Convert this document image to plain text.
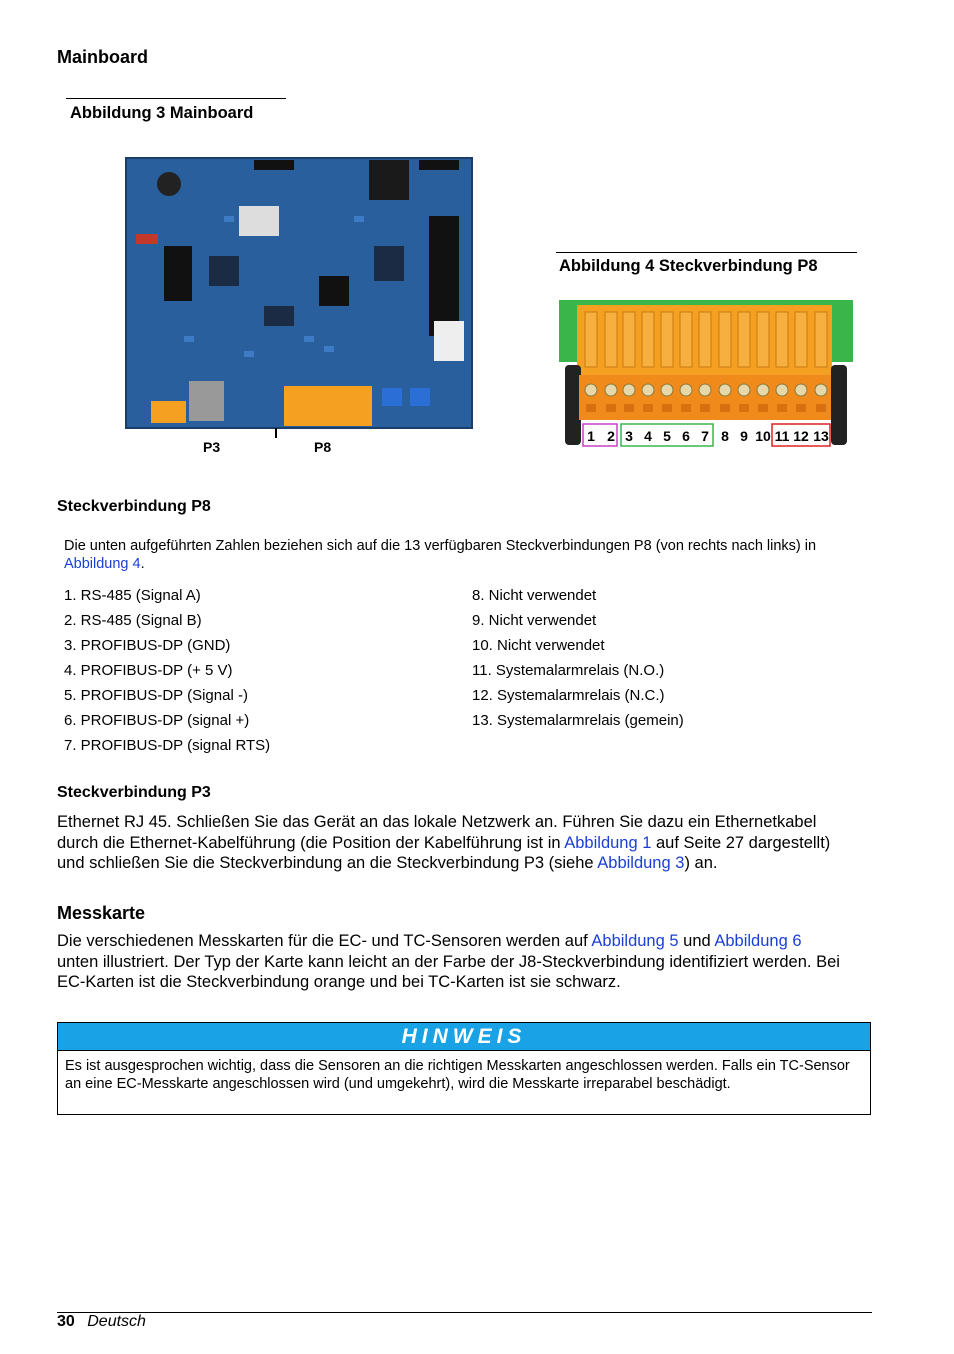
Mainboard
Abbildung 3 Mainboard
P3	P8
Abbildung 4 Steckverbindung P8
1 2 3 4 5 6 7 8 9 10 11 12 13
Steckverbindung P8
Die unten aufgeführten Zahlen beziehen sich auf die 13 verfügbaren Steckverbindungen P8 (von rechts nach links) in Abbildung 4.
1. RS-485 (Signal A)
2. RS-485 (Signal B)
3. PROFIBUS-DP (GND)
4. PROFIBUS-DP (+ 5 V)
5. PROFIBUS-DP (Signal -)
6. PROFIBUS-DP (signal +)
7. PROFIBUS-DP (signal RTS)
8. Nicht verwendet
9. Nicht verwendet
10. Nicht verwendet
11. Systemalarmrelais (N.O.)
12. Systemalarmrelais (N.C.)
13. Systemalarmrelais (gemein)
Steckverbindung P3
Ethernet RJ 45. Schließen Sie das Gerät an das lokale Netzwerk an. Führen Sie dazu ein Ethernetkabel durch die Ethernet-Kabelführung (die Position der Kabelführung ist in Abbildung 1 auf Seite 27 dargestellt) und schließen Sie die Steckverbindung an die Steckverbindung P3 (siehe Abbildung 3) an.
Messkarte
Die verschiedenen Messkarten für die EC- und TC-Sensoren werden auf Abbildung 5 und Abbildung 6 unten illustriert. Der Typ der Karte kann leicht an der Farbe der J8-Steckverbindung identifiziert werden. Bei EC-Karten ist die Steckverbindung orange und bei TC-Karten ist sie schwarz.
HINWEIS
Es ist ausgesprochen wichtig, dass die Sensoren an die richtigen Messkarten angeschlossen werden. Falls ein TC-Sensor an eine EC-Messkarte angeschlossen wird (und umgekehrt), wird die Messkarte irreparabel beschädigt.
30 Deutsch
